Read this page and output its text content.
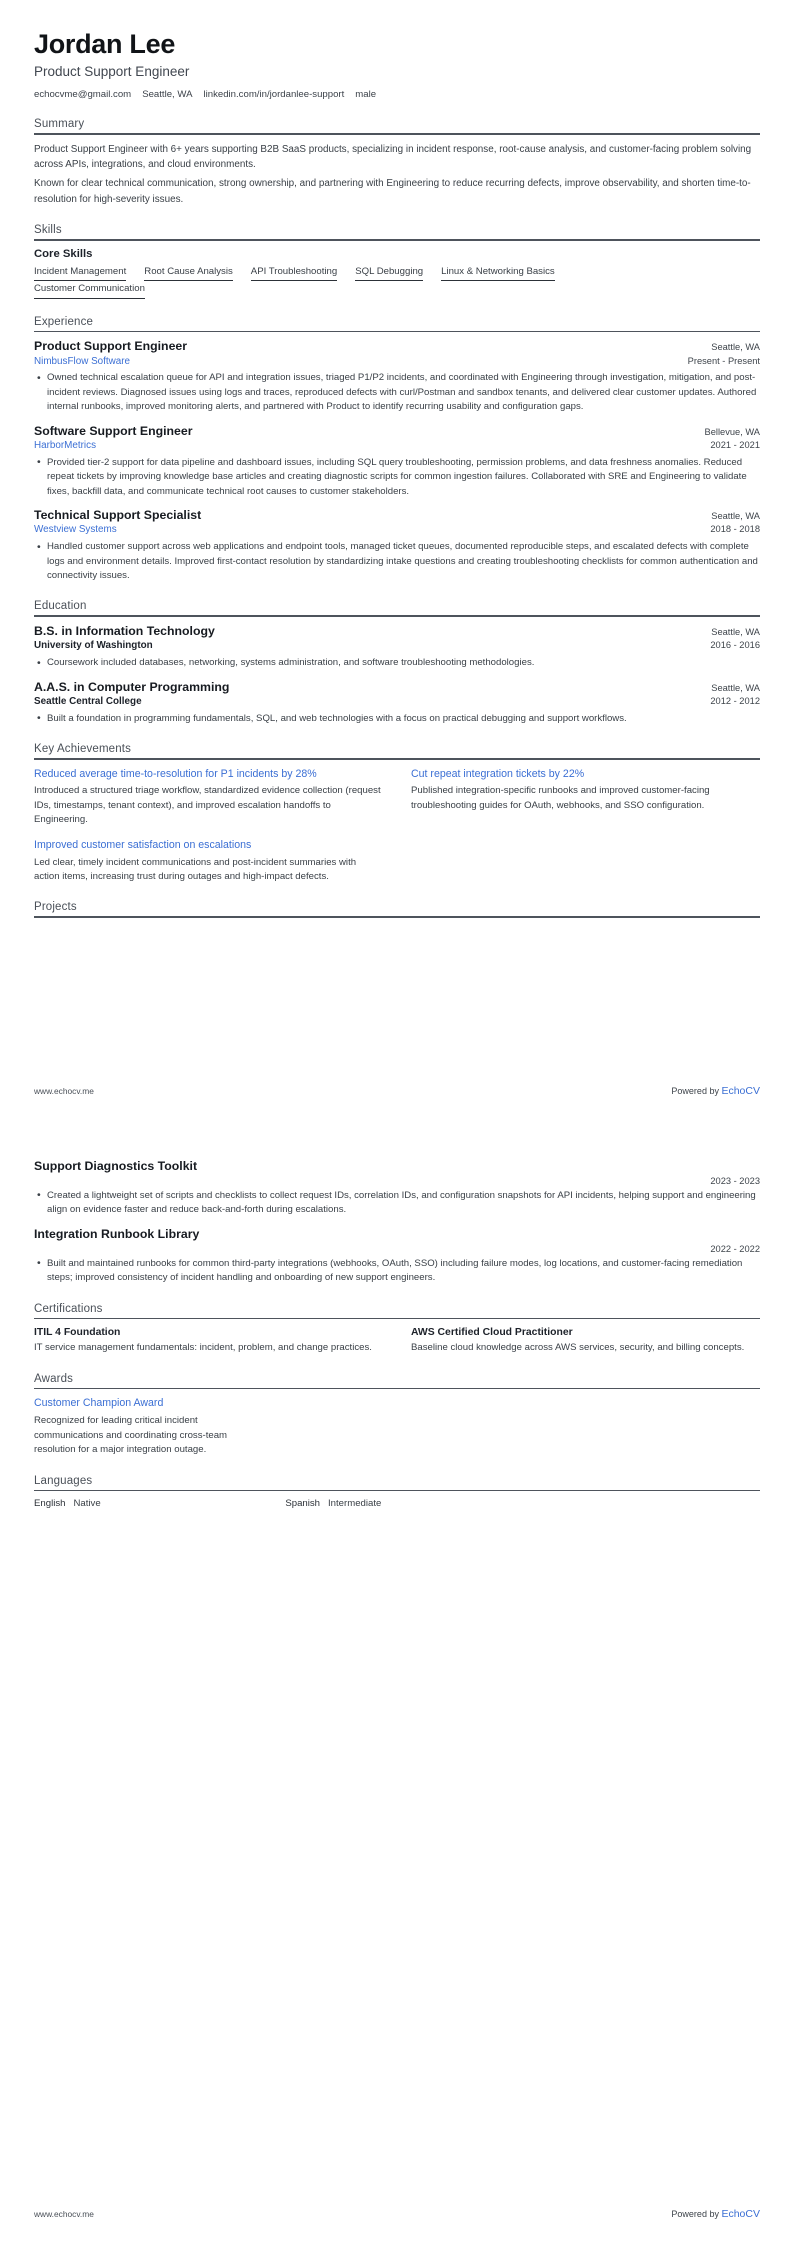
Jordan Lee
Product Support Engineer
echocvme@gmail.com Seattle, WA linkedin.com/in/jordanlee-support male
Summary

Product Support Engineer with 6+ years supporting B2B SaaS products, specializing in incident response, root-cause analysis, and customer-facing problem solving across APIs, integrations, and cloud environments.

Known for clear technical communication, strong ownership, and partnering with Engineering to reduce recurring defects, improve observability, and shorten time-to-resolution for high-severity issues.

Skills
Core Skills
Incident Management Root Cause Analysis API Troubleshooting SQL Debugging Linux & Networking Basics
Customer Communication
Experience
Product Support Engineer	Seattle, WA
NimbusFlow Software	Present - Present
• Owned technical escalation queue for API and integration issues, triaged P1/P2 incidents, and coordinated with Engineering through investigation, mitigation, and post-incident reviews. Diagnosed issues using logs and traces, reproduced defects with curl/Postman and sandbox tenants, and delivered clear customer updates. Authored internal runbooks, improved monitoring alerts, and partnered with Product to identify recurring usability and configuration gaps.
Software Support Engineer	Bellevue, WA
HarborMetrics	2021 - 2021
• Provided tier-2 support for data pipeline and dashboard issues, including SQL query troubleshooting, permission problems, and data freshness anomalies. Reduced repeat tickets by improving knowledge base articles and creating diagnostic scripts for common ingestion failures. Collaborated with SRE and Engineering to validate fixes, backfill data, and communicate technical root causes to customer stakeholders.
Technical Support Specialist	Seattle, WA
Westview Systems	2018 - 2018
• Handled customer support across web applications and endpoint tools, managed ticket queues, documented reproducible steps, and escalated defects with complete logs and environment details. Improved first-contact resolution by standardizing intake questions and creating troubleshooting checklists for common authentication and connectivity issues.
Education
B.S. in Information Technology	Seattle, WA
University of Washington	2016 - 2016
• Coursework included databases, networking, systems administration, and software troubleshooting methodologies.
A.A.S. in Computer Programming	Seattle, WA
Seattle Central College	2012 - 2012
• Built a foundation in programming fundamentals, SQL, and web technologies with a focus on practical debugging and support workflows.
Key Achievements
Reduced average time-to-resolution for P1 incidents by 28%
Introduced a structured triage workflow, standardized evidence collection (request IDs, timestamps, tenant context), and improved escalation handoffs to Engineering.
Cut repeat integration tickets by 22%
Published integration-specific runbooks and improved customer-facing troubleshooting guides for OAuth, webhooks, and SSO configuration.
Improved customer satisfaction on escalations
Led clear, timely incident communications and post-incident summaries with action items, increasing trust during outages and high-impact defects.
Projects
www.echocv.me	Powered by EchoCV
Support Diagnostics Toolkit
2023 - 2023
• Created a lightweight set of scripts and checklists to collect request IDs, correlation IDs, and configuration snapshots for API incidents, helping support and engineering align on evidence faster and reduce back-and-forth during escalations.
Integration Runbook Library
2022 - 2022
• Built and maintained runbooks for common third-party integrations (webhooks, OAuth, SSO) including failure modes, log locations, and customer-facing remediation steps; improved consistency of incident handling and onboarding of new support engineers.
Certifications
ITIL 4 Foundation
IT service management fundamentals: incident, problem, and change practices.
AWS Certified Cloud Practitioner
Baseline cloud knowledge across AWS services, security, and billing concepts.
Awards
Customer Champion Award
Recognized for leading critical incident communications and coordinating cross-team resolution for a major integration outage.
Languages
English Native	Spanish Intermediate
www.echocv.me	Powered by EchoCV
